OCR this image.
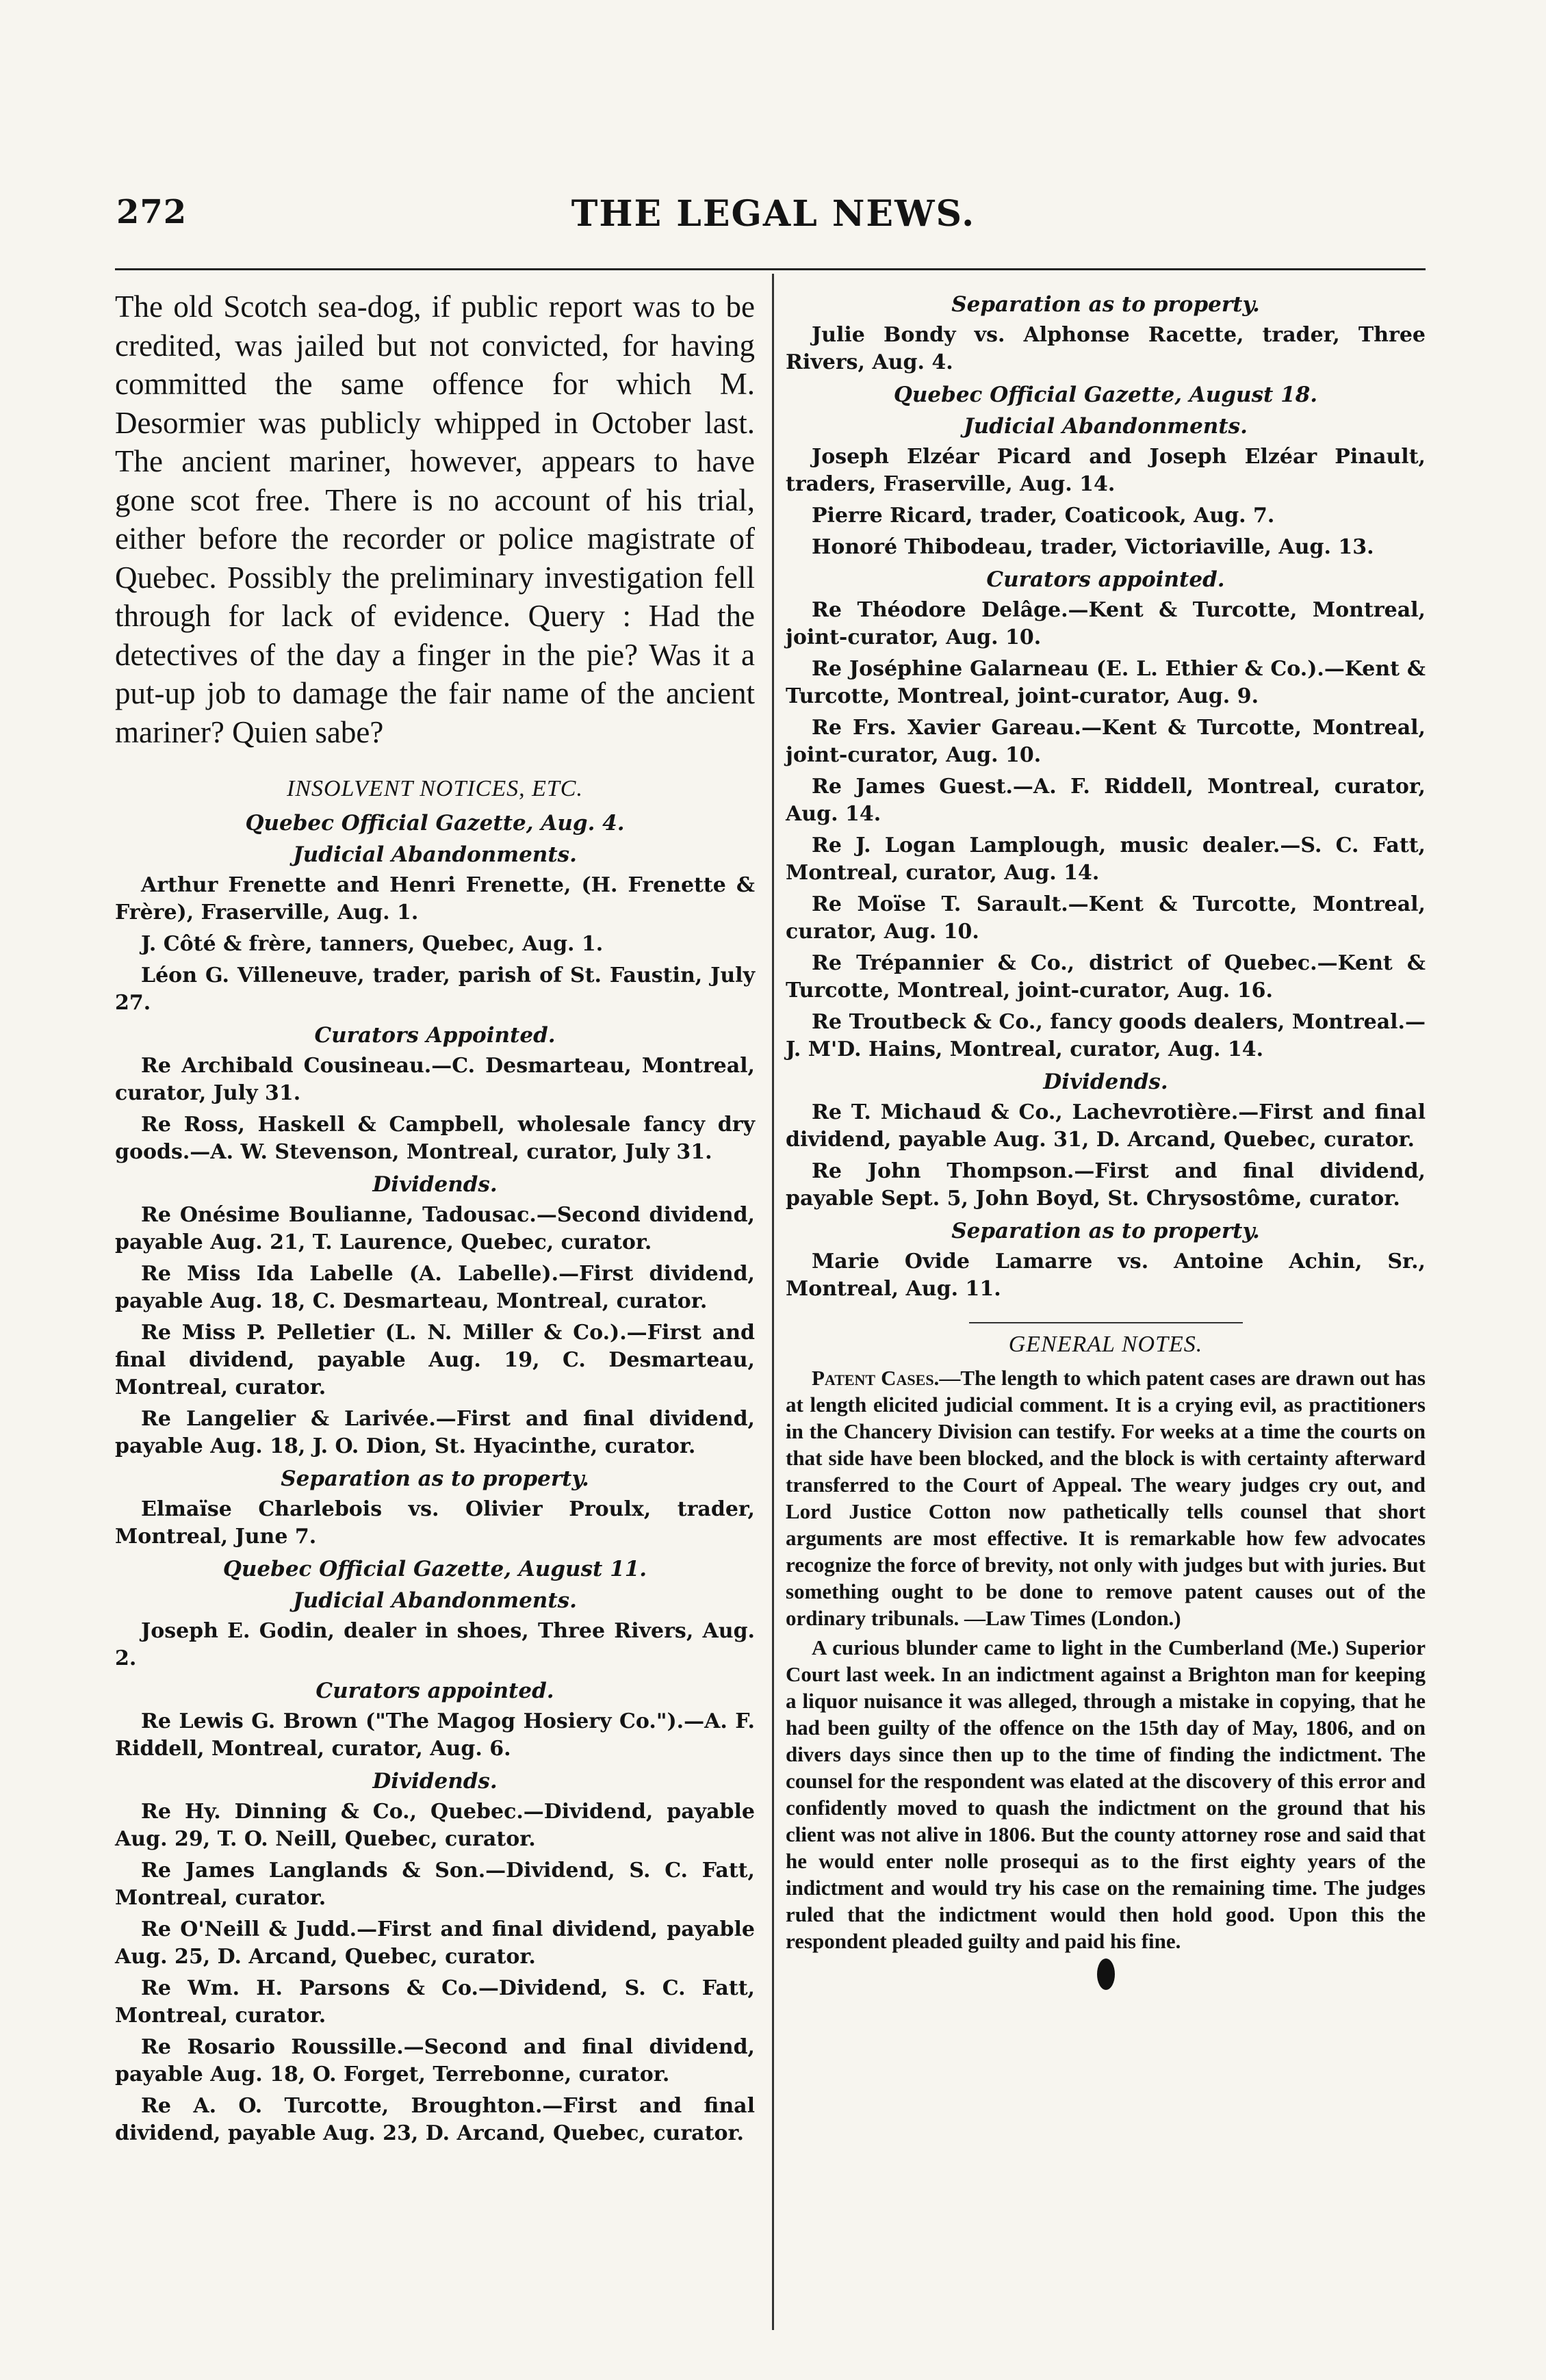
272	THE LEGAL NEWS.

The old Scotch sea-dog, if public report was to be credited, was jailed but not convicted, for having committed the same offence for which M. Desormier was publicly whipped in October last. The ancient mariner, however, appears to have gone scot free. There is no account of his trial, either before the recorder or police magistrate of Quebec. Possibly the preliminary investigation fell through for lack of evidence. Query : Had the detectives of the day a finger in the pie? Was it a put-up job to damage the fair name of the ancient mariner? Quien sabe?

INSOLVENT NOTICES, ETC.
Quebec Official Gazette, Aug. 4.
Judicial Abandonments.

Arthur Frenette and Henri Frenette, (H. Frenette & Frère), Fraserville, Aug. 1.

J. Côté & frère, tanners, Quebec, Aug. 1.

Léon G. Villeneuve, trader, parish of St. Faustin, July 27.

Curators Appointed.

Re Archibald Cousineau.—C. Desmarteau, Montreal, curator, July 31.

Re Ross, Haskell & Campbell, wholesale fancy dry goods.—A. W. Stevenson, Montreal, curator, July 31.

Dividends.

Re Onésime Boulianne, Tadousac.—Second dividend, payable Aug. 21, T. Laurence, Quebec, curator.

Re Miss Ida Labelle (A. Labelle).—First dividend, payable Aug. 18, C. Desmarteau, Montreal, curator.

Re Miss P. Pelletier (L. N. Miller & Co.).—First and final dividend, payable Aug. 19, C. Desmarteau, Montreal, curator.

Re Langelier & Larivée.—First and final dividend, payable Aug. 18, J. O. Dion, St. Hyacinthe, curator.

Separation as to property.

Elmaïse Charlebois vs. Olivier Proulx, trader, Montreal, June 7.

Quebec Official Gazette, August 11.
Judicial Abandonments.

Joseph E. Godin, dealer in shoes, Three Rivers, Aug. 2.

Curators appointed.

Re Lewis G. Brown ("The Magog Hosiery Co.").—A. F. Riddell, Montreal, curator, Aug. 6.

Dividends.

Re Hy. Dinning & Co., Quebec.—Dividend, payable Aug. 29, T. O. Neill, Quebec, curator.

Re James Langlands & Son.—Dividend, S. C. Fatt, Montreal, curator.

Re O'Neill & Judd.—First and final dividend, payable Aug. 25, D. Arcand, Quebec, curator.

Re Wm. H. Parsons & Co.—Dividend, S. C. Fatt, Montreal, curator.

Re Rosario Roussille.—Second and final dividend, payable Aug. 18, O. Forget, Terrebonne, curator.

Re A. O. Turcotte, Broughton.—First and final dividend, payable Aug. 23, D. Arcand, Quebec, curator.

Separation as to property.

Julie Bondy vs. Alphonse Racette, trader, Three Rivers, Aug. 4.

Quebec Official Gazette, August 18.
Judicial Abandonments.

Joseph Elzéar Picard and Joseph Elzéar Pinault, traders, Fraserville, Aug. 14.

Pierre Ricard, trader, Coaticook, Aug. 7.

Honoré Thibodeau, trader, Victoriaville, Aug. 13.

Curators appointed.

Re Théodore Delâge.—Kent & Turcotte, Montreal, joint-curator, Aug. 10.

Re Joséphine Galarneau (E. L. Ethier & Co.).—Kent & Turcotte, Montreal, joint-curator, Aug. 9.

Re Frs. Xavier Gareau.—Kent & Turcotte, Montreal, joint-curator, Aug. 10.

Re James Guest.—A. F. Riddell, Montreal, curator, Aug. 14.

Re J. Logan Lamplough, music dealer.—S. C. Fatt, Montreal, curator, Aug. 14.

Re Moïse T. Sarault.—Kent & Turcotte, Montreal, curator, Aug. 10.

Re Trépannier & Co., district of Quebec.—Kent & Turcotte, Montreal, joint-curator, Aug. 16.

Re Troutbeck & Co., fancy goods dealers, Montreal.—J. M'D. Hains, Montreal, curator, Aug. 14.

Dividends.

Re T. Michaud & Co., Lachevrotière.—First and final dividend, payable Aug. 31, D. Arcand, Quebec, curator.

Re John Thompson.—First and final dividend, payable Sept. 5, John Boyd, St. Chrysostôme, curator.

Separation as to property.

Marie Ovide Lamarre vs. Antoine Achin, Sr., Montreal, Aug. 11.

GENERAL NOTES.

Patent Cases.—The length to which patent cases are drawn out has at length elicited judicial comment. It is a crying evil, as practitioners in the Chancery Division can testify. For weeks at a time the courts on that side have been blocked, and the block is with certainty afterward transferred to the Court of Appeal. The weary judges cry out, and Lord Justice Cotton now pathetically tells counsel that short arguments are most effective. It is remarkable how few advocates recognize the force of brevity, not only with judges but with juries. But something ought to be done to remove patent causes out of the ordinary tribunals. —Law Times (London.)

A curious blunder came to light in the Cumberland (Me.) Superior Court last week. In an indictment against a Brighton man for keeping a liquor nuisance it was alleged, through a mistake in copying, that he had been guilty of the offence on the 15th day of May, 1806, and on divers days since then up to the time of finding the indictment. The counsel for the respondent was elated at the discovery of this error and confidently moved to quash the indictment on the ground that his client was not alive in 1806. But the county attorney rose and said that he would enter nolle prosequi as to the first eighty years of the indictment and would try his case on the remaining time. The judges ruled that the indictment would then hold good. Upon this the respondent pleaded guilty and paid his fine.
